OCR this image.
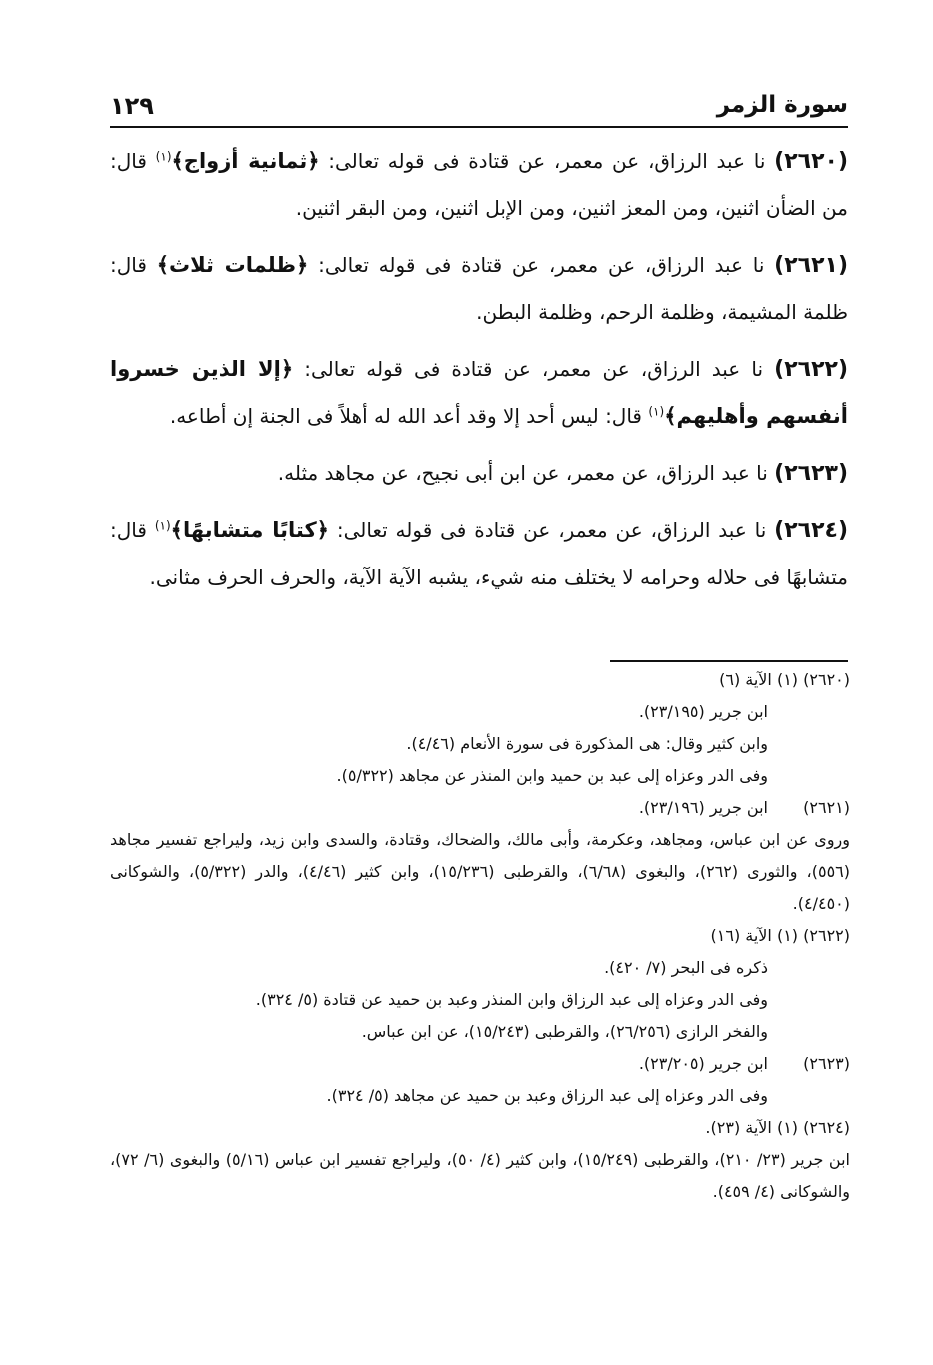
سورة الزمر
١٢٩

(٢٦٢٠) نا عبد الرزاق، عن معمر، عن قتادة فى قوله تعالى: ﴿ثمانية أزواج﴾$^{(١)}$ قال: من الضأن اثنين، ومن المعز اثنين، ومن الإبل اثنين، ومن البقر اثنين.

(٢٦٢١) نا عبد الرزاق، عن معمر، عن قتادة فى قوله تعالى: ﴿ظلمات ثلاث﴾ قال: ظلمة المشيمة، وظلمة الرحم، وظلمة البطن.

(٢٦٢٢) نا عبد الرزاق، عن معمر، عن قتادة فى قوله تعالى: ﴿إلا الذين خسروا أنفسهم وأهليهم﴾$^{(١)}$ قال: ليس أحد إلا وقد أعد الله له أهلاً فى الجنة إن أطاعه.

(٢٦٢٣) نا عبد الرزاق، عن معمر، عن ابن أبى نجيح، عن مجاهد مثله.

(٢٦٢٤) نا عبد الرزاق، عن معمر، عن قتادة فى قوله تعالى: ﴿كتابًا متشابهًا﴾$^{(١)}$ قال: متشابهًا فى حلاله وحرامه لا يختلف منه شيء، يشبه الآية الآية، والحرف الحرف مثانى.

(٢٦٢٠) (١) الآية (٦)
ابن جرير (٢٣/١٩٥).
وابن كثير وقال: هى المذكورة فى سورة الأنعام (٤/٤٦).
وفى الدر وعزاه إلى عبد بن حميد وابن المنذر عن مجاهد (٥/٣٢٢).
(٢٦٢١)
ابن جرير (٢٣/١٩٦).
وروى عن ابن عباس، ومجاهد، وعكرمة، وأبى مالك، والضحاك، وقتادة، والسدى وابن زيد، وليراجع تفسير مجاهد (٥٥٦)، والثورى (٢٦٢)، والبغوى (٦/٦٨)، والقرطبى (١٥/٢٣٦)، وابن كثير (٤/٤٦)، والدر (٥/٣٢٢)، والشوكانى (٤/٤٥٠).
(٢٦٢٢) (١) الآية (١٦)
ذكره فى البحر (٧/ ٤٢٠).
وفى الدر وعزاه إلى عبد الرزاق وابن المنذر وعبد بن حميد عن قتادة (٥/ ٣٢٤).
والفخر الرازى (٢٦/٢٥٦)، والقرطبى (١٥/٢٤٣)، عن ابن عباس.
(٢٦٢٣)
ابن جرير (٢٣/٢٠٥).
وفى الدر وعزاه إلى عبد الرزاق وعبد بن حميد عن مجاهد (٥/ ٣٢٤).
(٢٦٢٤) (١) الآية (٢٣).
ابن جرير (٢٣/ ٢١٠)، والقرطبى (١٥/٢٤٩)، وابن كثير (٤/ ٥٠)، وليراجع تفسير ابن عباس (٥/١٦) والبغوى (٦/ ٧٢)، والشوكانى (٤/ ٤٥٩).
